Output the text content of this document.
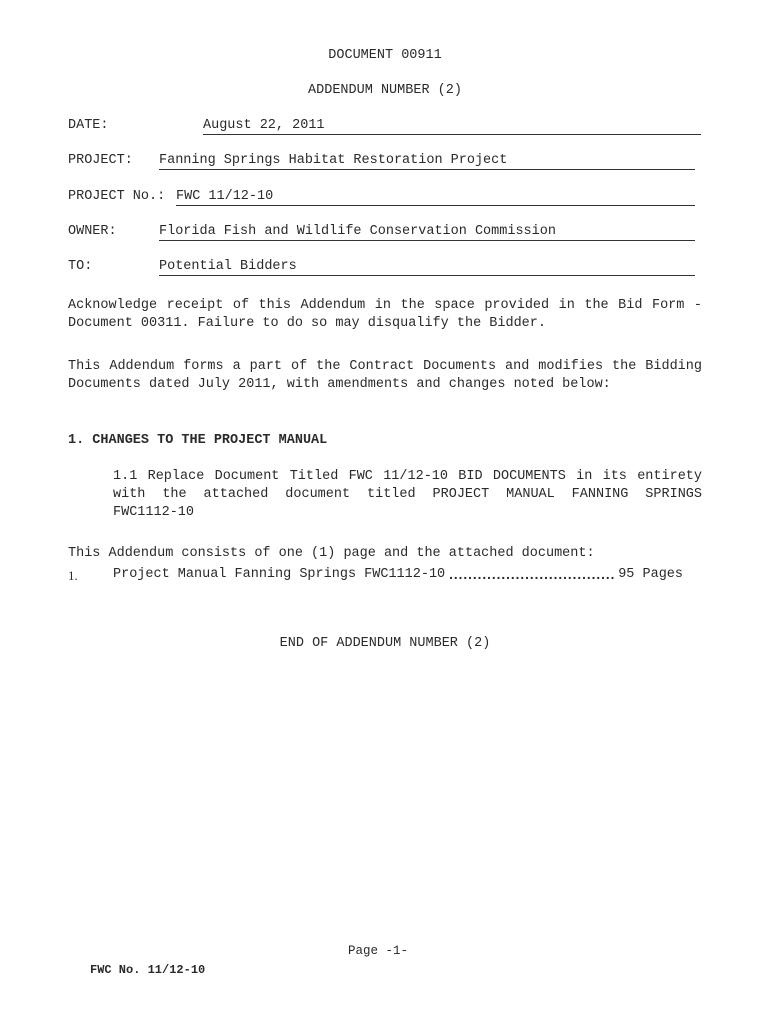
DOCUMENT 00911
ADDENDUM NUMBER (2)
DATE:	August 22, 2011
PROJECT: Fanning Springs Habitat Restoration Project
PROJECT No.: FWC 11/12-10
OWNER:	Florida Fish and Wildlife Conservation Commission
TO:	Potential Bidders
Acknowledge receipt of this Addendum in the space provided in the Bid Form - Document 00311. Failure to do so may disqualify the Bidder.
This Addendum forms a part of the Contract Documents and modifies the Bidding Documents dated July 2011, with amendments and changes noted below:
1. CHANGES TO THE PROJECT MANUAL
1.1 Replace Document Titled FWC 11/12-10 BID DOCUMENTS in its entirety with the attached document titled PROJECT MANUAL FANNING SPRINGS FWC1112-10
This Addendum consists of one (1) page and the attached document:
1.	Project Manual Fanning Springs FWC1112-10
.....	95 Pages
END OF ADDENDUM NUMBER (2)
Page -1-
FWC No. 11/12-10
